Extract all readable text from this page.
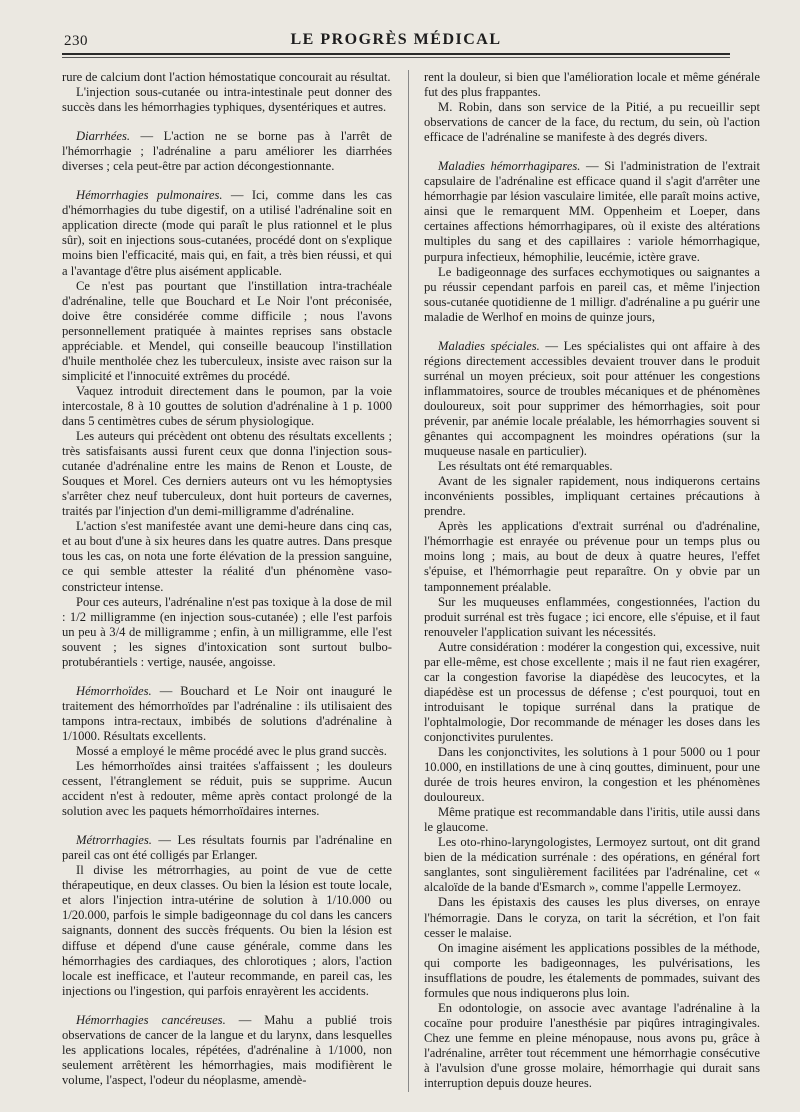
230	LE PROGRÈS MÉDICAL

rure de calcium dont l'action hémostatique concourait au résultat.

L'injection sous-cutanée ou intra-intestinale peut donner des succès dans les hémorrhagies typhiques, dysentériques et autres.

Diarrhées. — L'action ne se borne pas à l'arrêt de l'hémorrhagie ; l'adrénaline a paru améliorer les diarrhées diverses ; cela peut-être par action décongestionnante.

Hémorrhagies pulmonaires. — Ici, comme dans les cas d'hémorrhagies du tube digestif, on a utilisé l'adrénaline soit en application directe (mode qui paraît le plus rationnel et le plus sûr), soit en injections sous-cutanées, procédé dont on s'explique moins bien l'efficacité, mais qui, en fait, a très bien réussi, et qui a l'avantage d'être plus aisément applicable.

Ce n'est pas pourtant que l'instillation intra-trachéale d'adrénaline, telle que Bouchard et Le Noir l'ont préconisée, doive être considérée comme difficile ; nous l'avons personnellement pratiquée à maintes reprises sans obstacle appréciable. et Mendel, qui conseille beaucoup l'instillation d'huile mentholée chez les tuberculeux, insiste avec raison sur la simplicité et l'innocuité extrêmes du procédé.

Vaquez introduit directement dans le poumon, par la voie intercostale, 8 à 10 gouttes de solution d'adrénaline à 1 p. 1000 dans 5 centimètres cubes de sérum physiologique.

Les auteurs qui précèdent ont obtenu des résultats excellents ; très satisfaisants aussi furent ceux que donna l'injection sous-cutanée d'adrénaline entre les mains de Renon et Louste, de Souques et Morel. Ces derniers auteurs ont vu les hémoptysies s'arrêter chez neuf tuberculeux, dont huit porteurs de cavernes, traités par l'injection d'un demi-milligramme d'adrénaline.

L'action s'est manifestée avant une demi-heure dans cinq cas, et au bout d'une à six heures dans les quatre autres. Dans presque tous les cas, on nota une forte élévation de la pression sanguine, ce qui semble attester la réalité d'un phénomène vaso-constricteur intense.

Pour ces auteurs, l'adrénaline n'est pas toxique à la dose de mil : 1/2 milligramme (en injection sous-cutanée) ; elle l'est parfois un peu à 3/4 de milligramme ; enfin, à un milligramme, elle l'est souvent ; les signes d'intoxication sont surtout bulbo-protubérantiels : vertige, nausée, angoisse.

Hémorrhoïdes. — Bouchard et Le Noir ont inauguré le traitement des hémorrhoïdes par l'adrénaline : ils utilisaient des tampons intra-rectaux, imbibés de solutions d'adrénaline à 1/1000. Résultats excellents.

Mossé a employé le même procédé avec le plus grand succès.

Les hémorrhoïdes ainsi traitées s'affaissent ; les douleurs cessent, l'étranglement se réduit, puis se supprime. Aucun accident n'est à redouter, même après contact prolongé de la solution avec les paquets hémorrhoïdaires internes.

Métrorrhagies. — Les résultats fournis par l'adrénaline en pareil cas ont été colligés par Erlanger.

Il divise les métrorrhagies, au point de vue de cette thérapeutique, en deux classes. Ou bien la lésion est toute locale, et alors l'injection intra-utérine de solution à 1/10.000 ou 1/20.000, parfois le simple badigeonnage du col dans les cancers saignants, donnent des succès fréquents. Ou bien la lésion est diffuse et dépend d'une cause générale, comme dans les hémorrhagies des cardiaques, des chlorotiques ; alors, l'action locale est inefficace, et l'auteur recommande, en pareil cas, les injections ou l'ingestion, qui parfois enrayèrent les accidents.

Hémorrhagies cancéreuses. — Mahu a publié trois observations de cancer de la langue et du larynx, dans lesquelles les applications locales, répétées, d'adrénaline à 1/1000, non seulement arrêtèrent les hémorrhagies, mais modifièrent le volume, l'aspect, l'odeur du néoplasme, amendè-

rent la douleur, si bien que l'amélioration locale et même générale fut des plus frappantes.

M. Robin, dans son service de la Pitié, a pu recueillir sept observations de cancer de la face, du rectum, du sein, où l'action efficace de l'adrénaline se manifeste à des degrés divers.

Maladies hémorrhagipares. — Si l'administration de l'extrait capsulaire de l'adrénaline est efficace quand il s'agit d'arrêter une hémorrhagie par lésion vasculaire limitée, elle paraît moins active, ainsi que le remarquent MM. Oppenheim et Loeper, dans certaines affections hémorrhagipares, où il existe des altérations multiples du sang et des capillaires : variole hémorrhagique, purpura infectieux, hémophilie, leucémie, ictère grave.

Le badigeonnage des surfaces ecchymotiques ou saignantes a pu réussir cependant parfois en pareil cas, et même l'injection sous-cutanée quotidienne de 1 milligr. d'adrénaline a pu guérir une maladie de Werlhof en moins de quinze jours,

Maladies spéciales. — Les spécialistes qui ont affaire à des régions directement accessibles devaient trouver dans le produit surrénal un moyen précieux, soit pour atténuer les congestions inflammatoires, source de troubles mécaniques et de phénomènes douloureux, soit pour supprimer des hémorrhagies, soit pour prévenir, par anémie locale préalable, les hémorrhagies souvent si gênantes qui accompagnent les moindres opérations (sur la muqueuse nasale en particulier).

Les résultats ont été remarquables.

Avant de les signaler rapidement, nous indiquerons certains inconvénients possibles, impliquant certaines précautions à prendre.

Après les applications d'extrait surrénal ou d'adrénaline, l'hémorrhagie est enrayée ou prévenue pour un temps plus ou moins long ; mais, au bout de deux à quatre heures, l'effet s'épuise, et l'hémorrhagie peut reparaître. On y obvie par un tamponnement préalable.

Sur les muqueuses enflammées, congestionnées, l'action du produit surrénal est très fugace ; ici encore, elle s'épuise, et il faut renouveler l'application suivant les nécessités.

Autre considération : modérer la congestion qui, excessive, nuit par elle-même, est chose excellente ; mais il ne faut rien exagérer, car la congestion favorise la diapédèse des leucocytes, et la diapédèse est un processus de défense ; c'est pourquoi, tout en introduisant le topique surrénal dans la pratique de l'ophtalmologie, Dor recommande de ménager les doses dans les conjonctivites purulentes.

Dans les conjonctivites, les solutions à 1 pour 5000 ou 1 pour 10.000, en instillations de une à cinq gouttes, diminuent, pour une durée de trois heures environ, la congestion et les phénomènes douloureux.

Même pratique est recommandable dans l'iritis, utile aussi dans le glaucome.

Les oto-rhino-laryngologistes, Lermoyez surtout, ont dit grand bien de la médication surrénale : des opérations, en général fort sanglantes, sont singulièrement facilitées par l'adrénaline, cet « alcaloïde de la bande d'Esmarch », comme l'appelle Lermoyez.

Dans les épistaxis des causes les plus diverses, on enraye l'hémorragie. Dans le coryza, on tarit la sécrétion, et l'on fait cesser le malaise.

On imagine aisément les applications possibles de la méthode, qui comporte les badigeonnages, les pulvérisations, les insufflations de poudre, les étalements de pommades, suivant des formules que nous indiquerons plus loin.

En odontologie, on associe avec avantage l'adrénaline à la cocaïne pour produire l'anesthésie par piqûres intragingivales. Chez une femme en pleine ménopause, nous avons pu, grâce à l'adrénaline, arrêter tout récemment une hémorrhagie consécutive à l'avulsion d'une grosse molaire, hémorrhagie qui durait sans interruption depuis douze heures.
